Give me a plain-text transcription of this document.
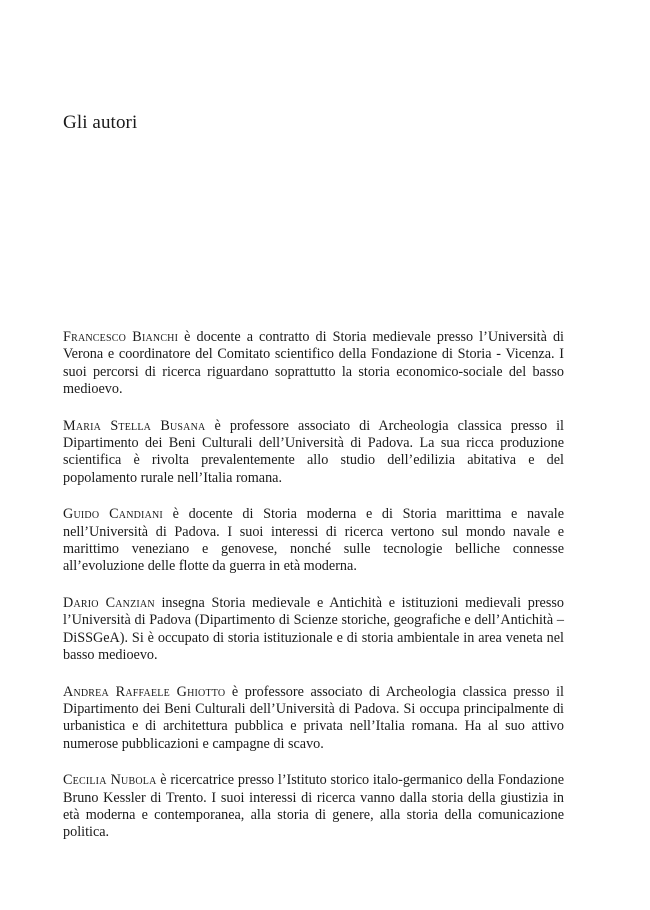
Gli autori

Francesco Bianchi è docente a contratto di Storia medievale presso l’Università di Verona e coordinatore del Comitato scientifico della Fondazione di Storia - Vicenza. I suoi percorsi di ricerca riguardano soprattutto la storia economico-sociale del basso medioevo.

Maria Stella Busana è professore associato di Archeologia classica presso il Dipartimento dei Beni Culturali dell’Università di Padova. La sua ricca produzione scientifica è rivolta prevalentemente allo studio dell’edilizia abitativa e del popolamento rurale nell’Italia romana.

Guido Candiani è docente di Storia moderna e di Storia marittima e navale nell’Università di Padova. I suoi interessi di ricerca vertono sul mondo navale e marittimo veneziano e genovese, nonché sulle tecnologie belliche connesse all’evoluzione delle flotte da guerra in età moderna.

Dario Canzian insegna Storia medievale e Antichità e istituzioni medievali presso l’Università di Padova (Dipartimento di Scienze storiche, geografiche e dell’Antichità – DiSSGeA). Si è occupato di storia istituzionale e di storia ambientale in area veneta nel basso medioevo.

Andrea Raffaele Ghiotto è professore associato di Archeologia classica presso il Dipartimento dei Beni Culturali dell’Università di Padova. Si occupa principalmente di urbanistica e di architettura pubblica e privata nell’Italia romana. Ha al suo attivo numerose pubblicazioni e campagne di scavo.

Cecilia Nubola è ricercatrice presso l’Istituto storico italo-germanico della Fondazione Bruno Kessler di Trento. I suoi interessi di ricerca vanno dalla storia della giustizia in età moderna e contemporanea, alla storia di genere, alla storia della comunicazione politica.
